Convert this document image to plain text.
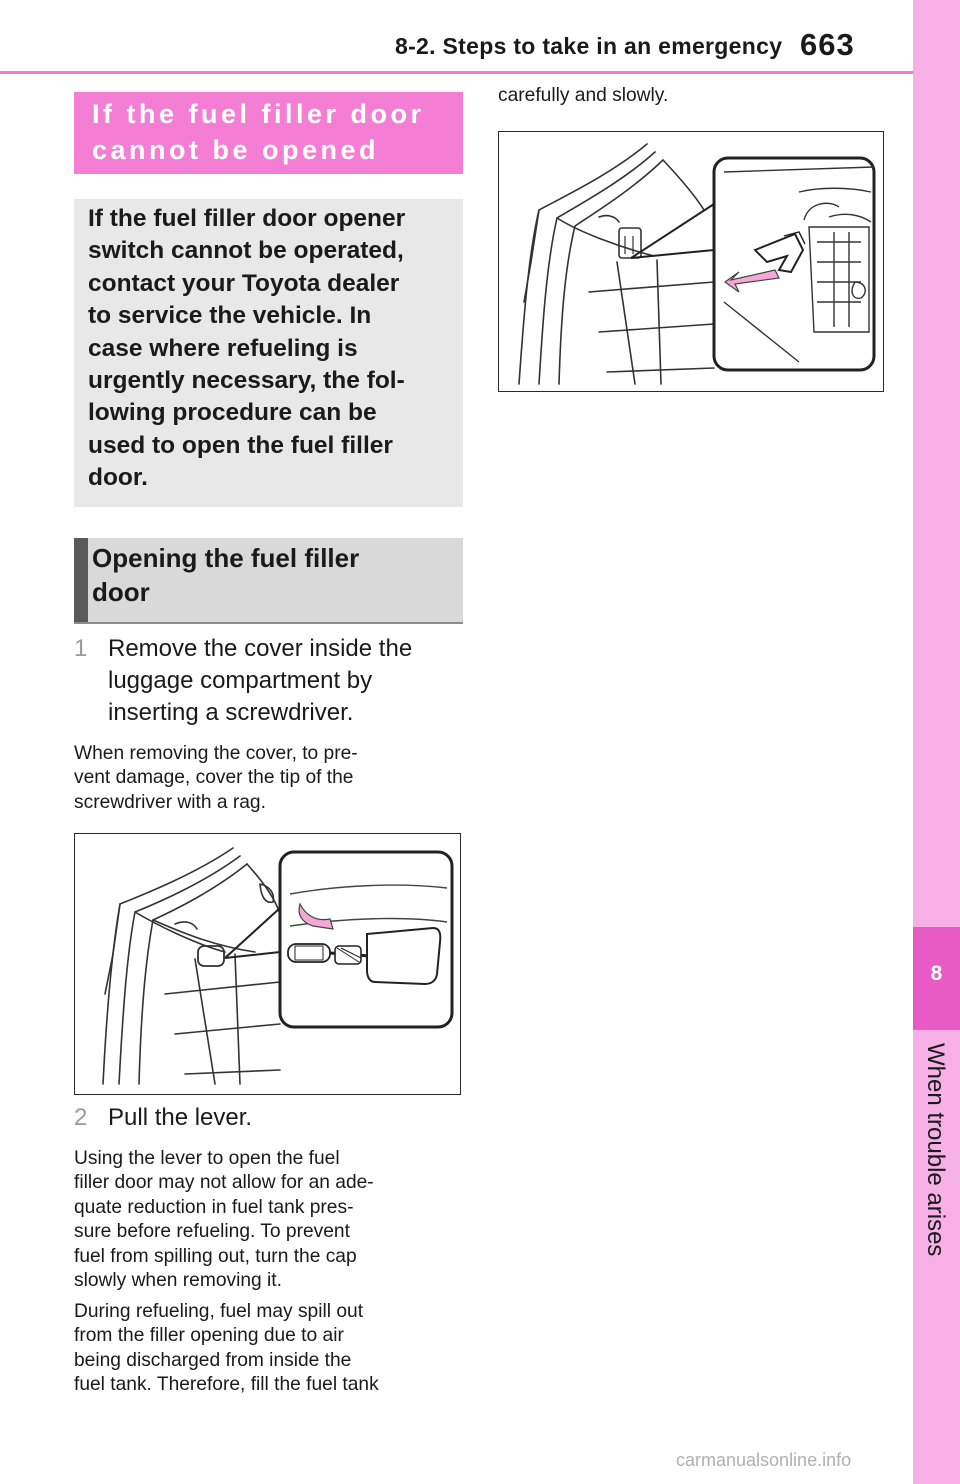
8-2. Steps to take in an emergency 663
8
When trouble arises
If the fuel filler door
cannot be opened
If the fuel filler door opener
switch cannot be operated,
contact your Toyota dealer
to service the vehicle. In
case where refueling is
urgently necessary, the fol-
lowing procedure can be
used to open the fuel filler
door.
Opening the fuel filler
door
1 Remove the cover inside the
luggage compartment by
inserting a screwdriver.
When removing the cover, to pre-
vent damage, cover the tip of the
screwdriver with a rag.
2 Pull the lever.
Using the lever to open the fuel
filler door may not allow for an ade-
quate reduction in fuel tank pres-
sure before refueling. To prevent
fuel from spilling out, turn the cap
slowly when removing it.
During refueling, fuel may spill out
from the filler opening due to air
being discharged from inside the
fuel tank. Therefore, fill the fuel tank
carefully and slowly.
carmanualsonline.info
